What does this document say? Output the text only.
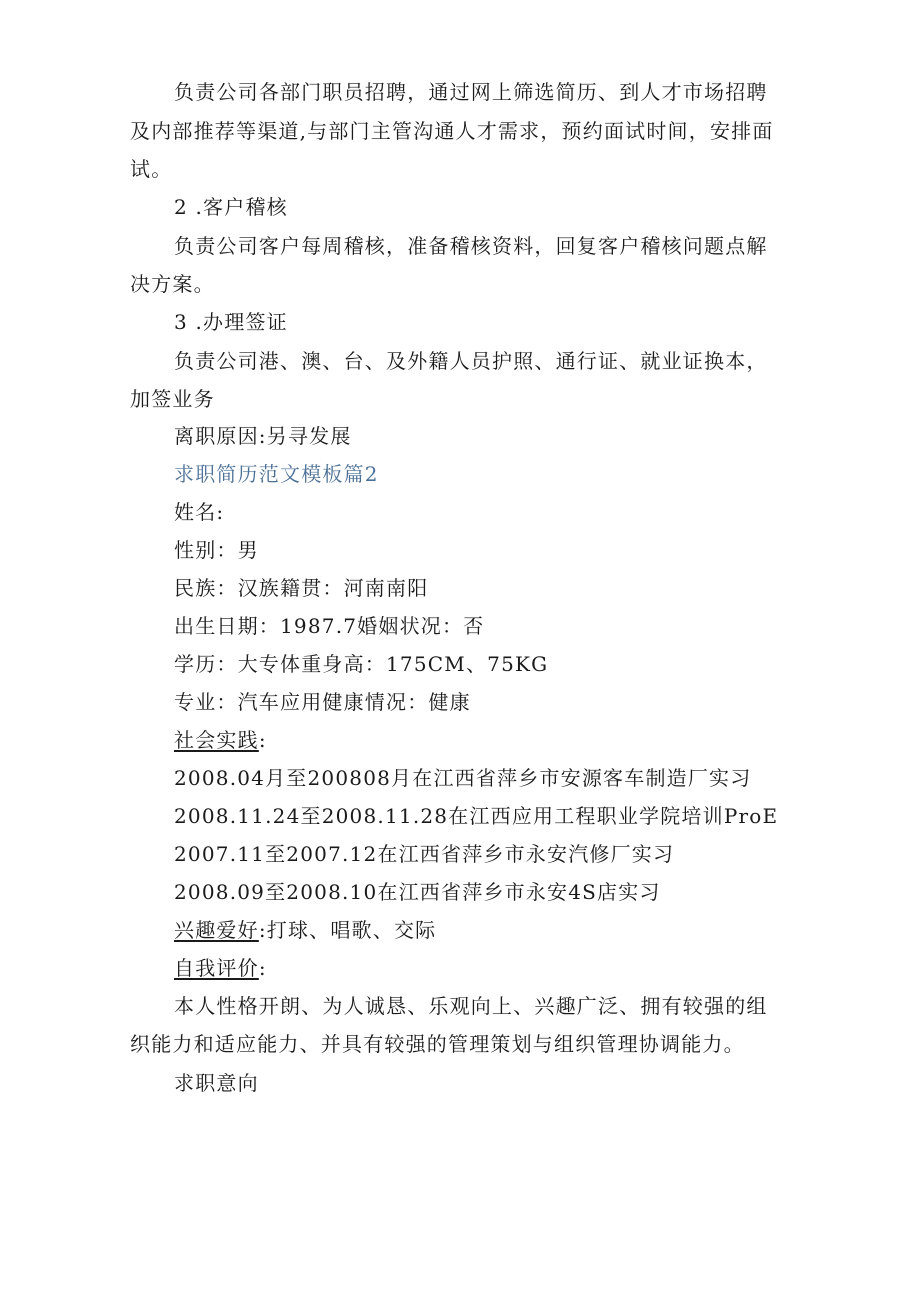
负责公司各部门职员招聘，通过网上筛选简历、到人才市场招聘
及内部推荐等渠道,与部门主管沟通人才需求，预约面试时间，安排面
试。
2 .客户稽核
负责公司客户每周稽核，准备稽核资料，回复客户稽核问题点解
决方案。
3 .办理签证
负责公司港、澳、台、及外籍人员护照、通行证、就业证换本，
加签业务
离职原因:另寻发展
求职简历范文模板篇2
姓名:
性别：男
民族：汉族籍贯：河南南阳
出生日期：1987.7婚姻状况：否
学历：大专体重身高：175CM、75KG
专业：汽车应用健康情况：健康
社会实践:
2008.04月至200808月在江西省萍乡市安源客车制造厂实习
2008.11.24至2008.11.28在江西应用工程职业学院培训ProE
2007.11至2007.12在江西省萍乡市永安汽修厂实习
2008.09至2008.10在江西省萍乡市永安4S店实习
兴趣爱好:打球、唱歌、交际
自我评价:
本人性格开朗、为人诚恳、乐观向上、兴趣广泛、拥有较强的组
织能力和适应能力、并具有较强的管理策划与组织管理协调能力。
求职意向
